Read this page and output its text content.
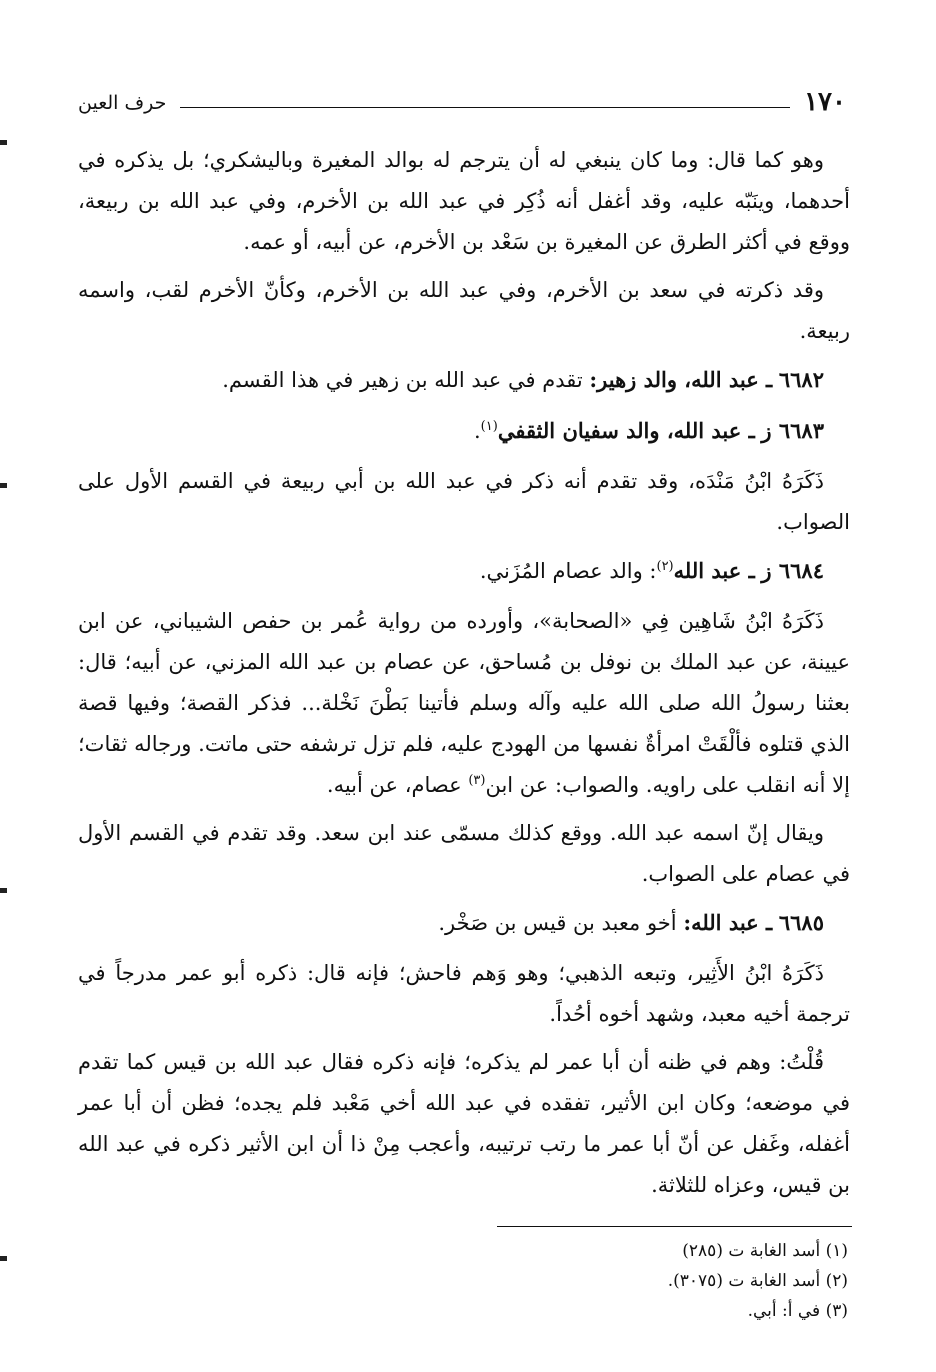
١٧٠
حرف العين

وهو كما قال: وما كان ينبغي له أن يترجم له بوالد المغيرة وباليشكري؛ بل يذكره في أحدهما، وينَبّه عليه، وقد أغفل أنه ذُكِر في عبد الله بن الأخرم، وفي عبد الله بن ربيعة، ووقع في أكثر الطرق عن المغيرة بن سَعْد بن الأخرم، عن أبيه، أو عمه.

وقد ذكرته في سعد بن الأخرم، وفي عبد الله بن الأخرم، وكأنّ الأخرم لقب، واسمه ربيعة.

٦٦٨٢ ـ عبد الله، والد زهير: تقدم في عبد الله بن زهير في هذا القسم.

٦٦٨٣ ز ـ عبد الله، والد سفيان الثقفي$^{(١)}$.

ذَكَرَهُ ابْنُ مَنْدَه، وقد تقدم أنه ذكر في عبد الله بن أبي ربيعة في القسم الأول على الصواب.

٦٦٨٤ ز ـ عبد الله$^{(٢)}$: والد عصام المُزَني.

ذَكَرَهُ ابْنُ شَاهِين فِي «الصحابة»، وأورده من رواية عُمر بن حفص الشيباني، عن ابن عيينة، عن عبد الملك بن نوفل بن مُساحق، عن عصام بن عبد الله المزني، عن أبيه؛ قال: بعثنا رسولُ الله صلى الله عليه وآله وسلم فأتينا بَطْنَ نَخْلة... فذكر القصة؛ وفيها قصة الذي قتلوه فألْقَتْ امرأةٌ نفسها من الهودج عليه، فلم تزل ترشفه حتى ماتت. ورجاله ثقات؛ إلا أنه انقلب على راويه. والصواب: عن ابن$^{(٣)}$ عصام، عن أبيه.

ويقال إنّ اسمه عبد الله. ووقع كذلك مسمّى عند ابن سعد. وقد تقدم في القسم الأول في عصام على الصواب.

٦٦٨٥ ـ عبد الله: أخو معبد بن قيس بن صَخْر.

ذَكَرَهُ ابْنُ الأَثِير، وتبعه الذهبي؛ وهو وَهم فاحش؛ فإنه قال: ذكره أبو عمر مدرجاً في ترجمة أخيه معبد، وشهد أخوه أحُداً.

قُلْتُ: وهم في ظنه أن أبا عمر لم يذكره؛ فإنه ذكره فقال عبد الله بن قيس كما تقدم في موضعه؛ وكان ابن الأثير، تفقده في عبد الله أخي مَعْبد فلم يجده؛ فظن أن أبا عمر أغفله، وغَفل عن أنّ أبا عمر ما رتب ترتيبه، وأعجب مِنْ ذا أن ابن الأثير ذكره في عبد الله بن قيس، وعزاه للثلاثة.

(١) أسد الغابة ت (٢٨٥)

(٢) أسد الغابة ت (٣٠٧٥).

(٣) في أ: أبي.
